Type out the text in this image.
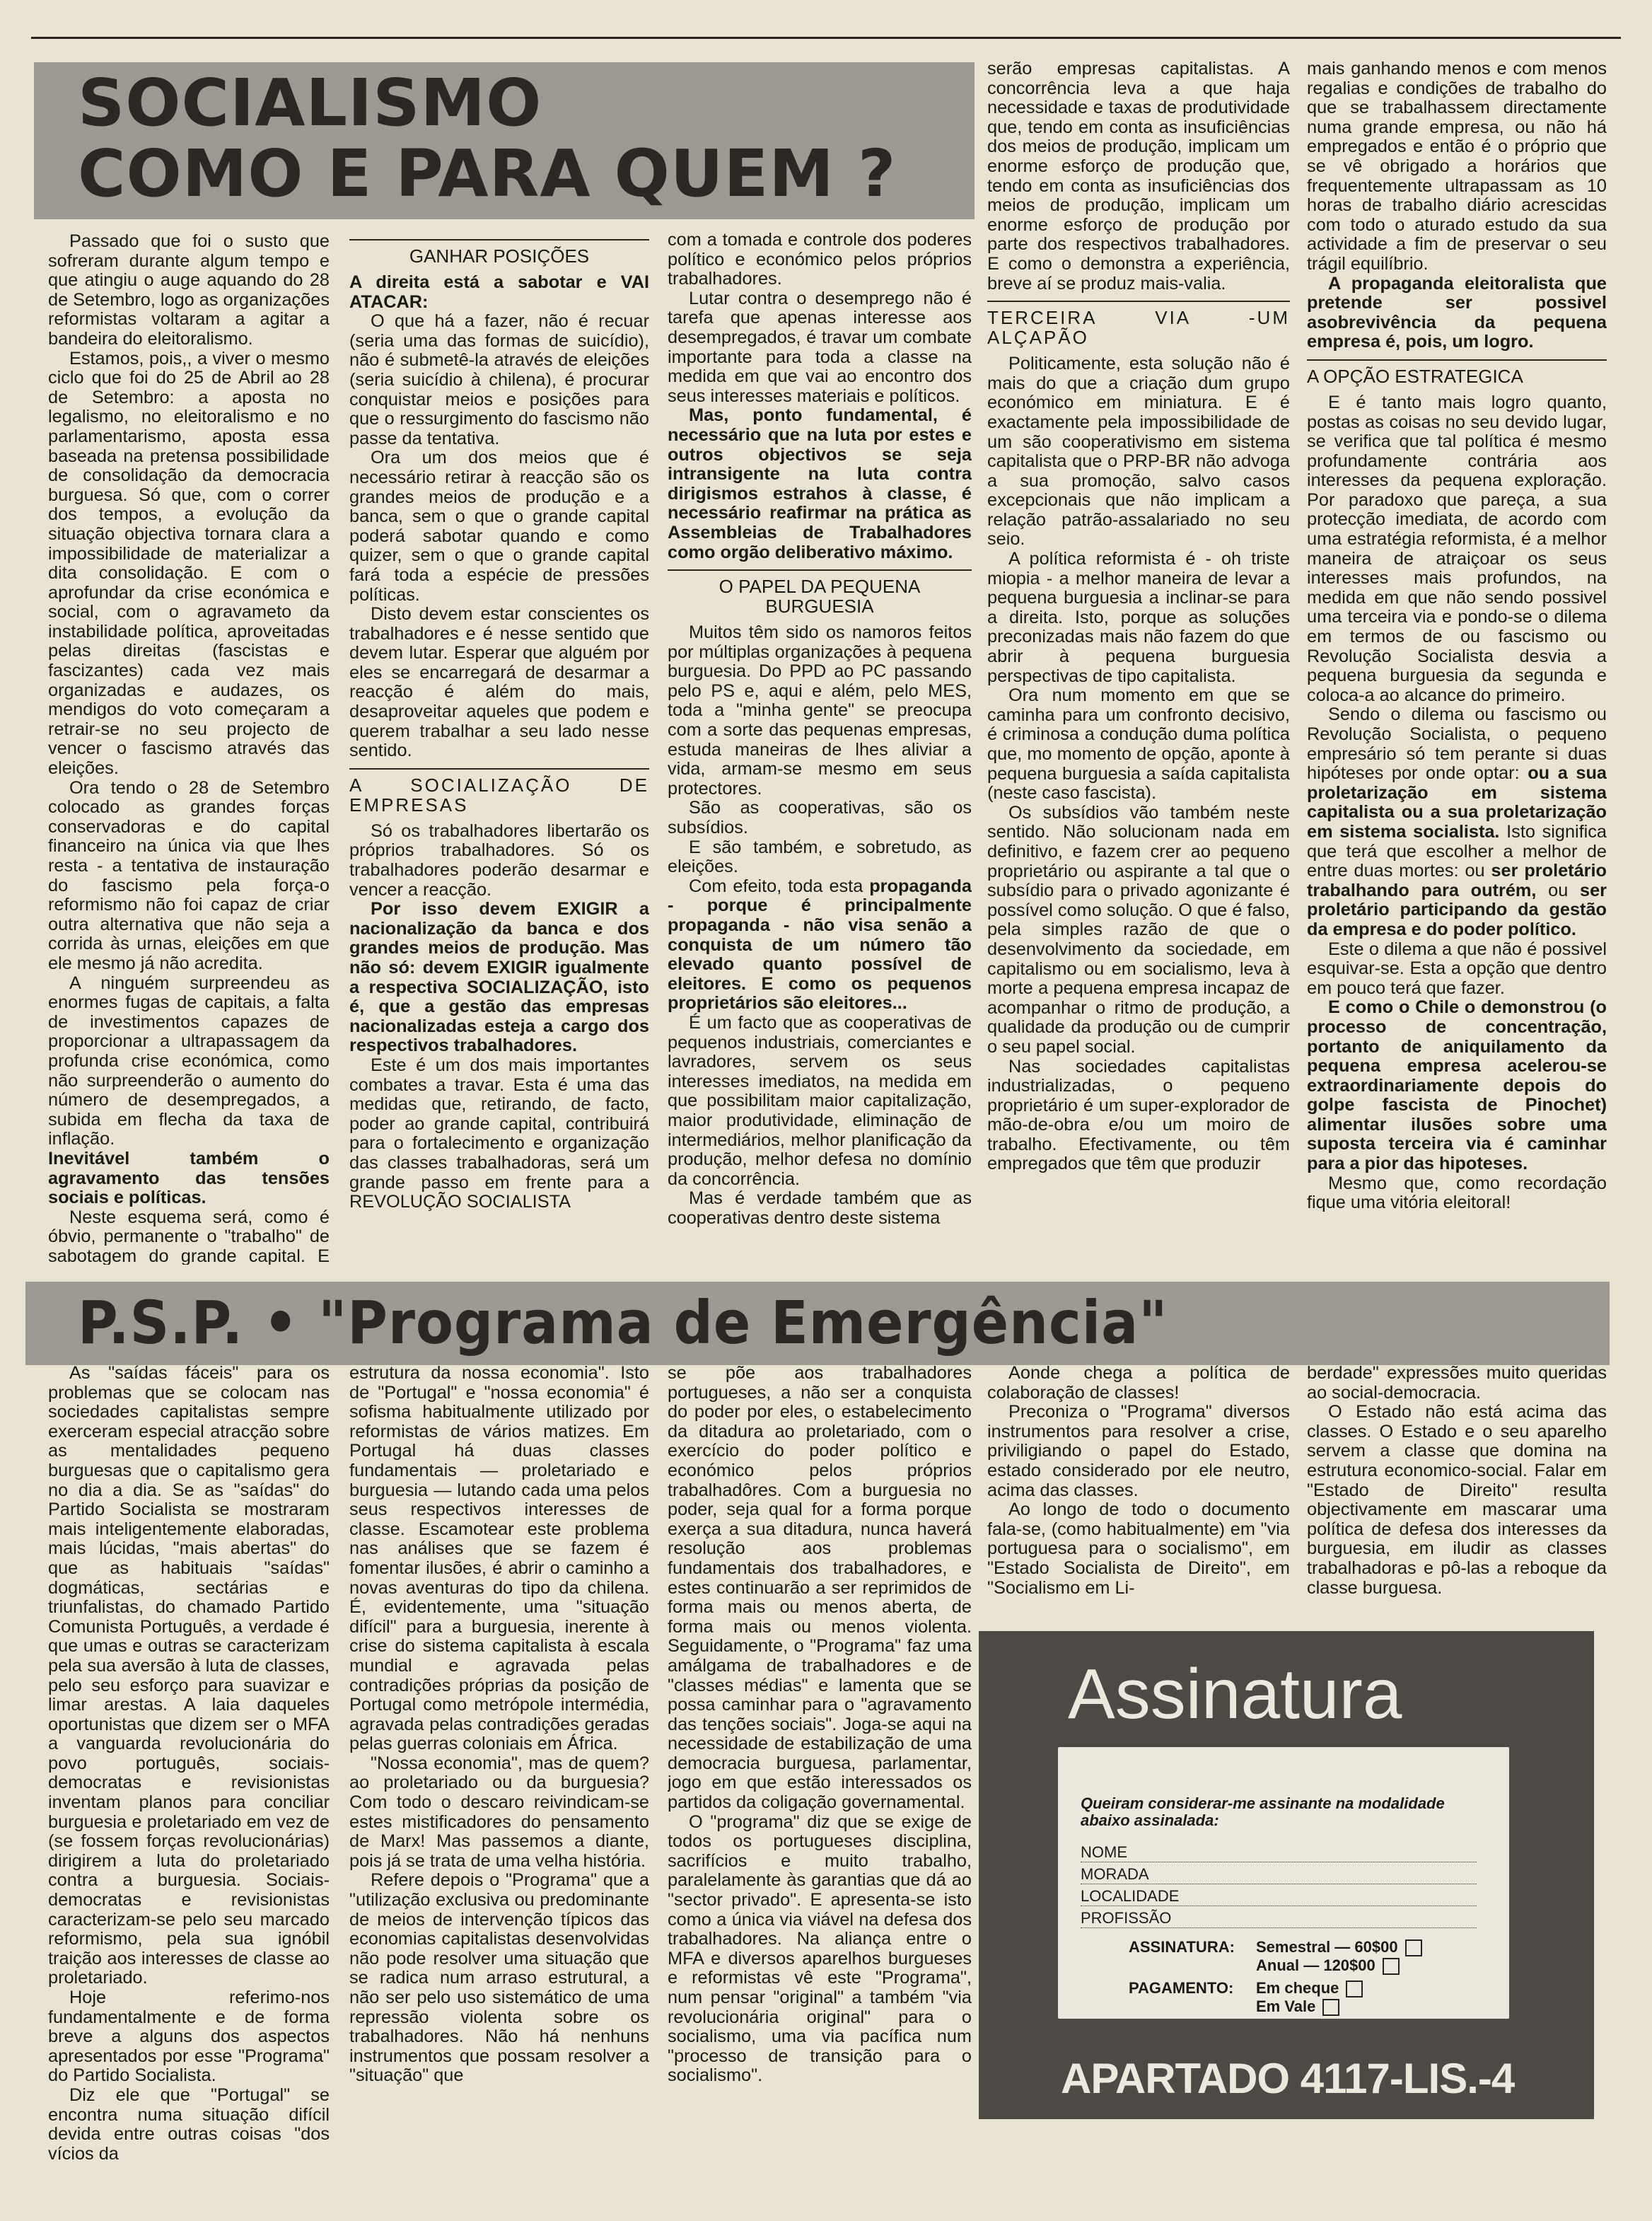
SOCIALISMO
COMO E PARA QUEM ?

Passado que foi o susto que sofreram durante algum tempo e que atingiu o auge aquando do 28 de Setembro, logo as organizações reformistas voltaram a agitar a bandeira do eleitoralismo.

Estamos, pois,, a viver o mesmo ciclo que foi do 25 de Abril ao 28 de Setembro: a aposta no legalismo, no eleitoralismo e no parlamentarismo, aposta essa baseada na pretensa possibilidade de consolidação da democracia burguesa. Só que, com o correr dos tempos, a evolução da situação objectiva tornara clara a impossibilidade de materializar a dita consolidação. E com o aprofundar da crise económica e social, com o agravameto da instabilidade política, aproveitadas pelas direitas (fascistas e fascizantes) cada vez mais organizadas e audazes, os mendigos do voto começaram a retrair-se no seu projecto de vencer o fascismo através das eleições.

Ora tendo o 28 de Setembro colocado as grandes forças conservadoras e do capital financeiro na única via que lhes resta - a tentativa de instauração do fascismo pela força-o reformismo não foi capaz de criar outra alternativa que não seja a corrida às urnas, eleições em que ele mesmo já não acredita.

A ninguém surpreendeu as enormes fugas de capitais, a falta de investimentos capazes de proporcionar a ultrapassagem da profunda crise económica, como não surpreenderão o aumento do número de desempregados, a subida em flecha da taxa de inflação.

Inevitável também o agravamento das tensões sociais e políticas.

Neste esquema será, como é óbvio, permanente o "trabalho" de sabotagem do grande capital. E

GANHAR POSIÇÕES

A direita está a sabotar e VAI ATACAR:

O que há a fazer, não é recuar (seria uma das formas de suicídio), não é submetê-la através de eleições (seria suicídio à chilena), é procurar conquistar meios e posições para que o ressurgimento do fascismo não passe da tentativa.

Ora um dos meios que é necessário retirar à reacção são os grandes meios de produção e a banca, sem o que o grande capital poderá sabotar quando e como quizer, sem o que o grande capital fará toda a espécie de pressões políticas.

Disto devem estar conscientes os trabalhadores e é nesse sentido que devem lutar. Esperar que alguém por eles se encarregará de desarmar a reacção é além do mais, desaproveitar aqueles que podem e querem trabalhar a seu lado nesse sentido.

A SOCIALIZAÇÃO DE EMPRESAS

Só os trabalhadores libertarão os próprios trabalhadores. Só os trabalhadores poderão desarmar e vencer a reacção.

Por isso devem EXIGIR a nacionalização da banca e dos grandes meios de produção. Mas não só: devem EXIGIR igualmente a respectiva SOCIALIZAÇÃO, isto é, que a gestão das empresas nacionalizadas esteja a cargo dos respectivos trabalhadores.

Este é um dos mais importantes combates a travar. Esta é uma das medidas que, retirando, de facto, poder ao grande capital, contribuirá para o fortalecimento e organização das classes trabalhadoras, será um grande passo em frente para a REVOLUÇÃO SOCIALISTA

com a tomada e controle dos poderes político e económico pelos próprios trabalhadores.

Lutar contra o desemprego não é tarefa que apenas interesse aos desempregados, é travar um combate importante para toda a classe na medida em que vai ao encontro dos seus interesses materiais e políticos.

Mas, ponto fundamental, é necessário que na luta por estes e outros objectivos se seja intransigente na luta contra dirigismos estrahos à classe, é necessário reafirmar na prática as Assembleias de Trabalhadores como orgão deliberativo máximo.

O PAPEL DA PEQUENA BURGUESIA

Muitos têm sido os namoros feitos por múltiplas organizações à pequena burguesia. Do PPD ao PC passando pelo PS e, aqui e além, pelo MES, toda a "minha gente" se preocupa com a sorte das pequenas empresas, estuda maneiras de lhes aliviar a vida, armam-se mesmo em seus protectores.

São as cooperativas, são os subsídios.

E são também, e sobretudo, as eleições.

Com efeito, toda esta propaganda - porque é principalmente propaganda - não visa senão a conquista de um número tão elevado quanto possível de eleitores. E como os pequenos proprietários são eleitores...

É um facto que as cooperativas de pequenos industriais, comerciantes e lavradores, servem os seus interesses imediatos, na medida em que possibilitam maior capitalização, maior produtividade, eliminação de intermediários, melhor planificação da produção, melhor defesa no domínio da concorrência.

Mas é verdade também que as cooperativas dentro deste sistema

serão empresas capitalistas. A concorrência leva a que haja necessidade e taxas de produtividade que, tendo em conta as insuficiências dos meios de produção, implicam um enorme esforço de produção que, tendo em conta as insuficiências dos meios de produção, implicam um enorme esforço de produção por parte dos respectivos trabalhadores. E como o demonstra a experiência, breve aí se produz mais-valia.

TERCEIRA VIA -UM ALÇAPÃO

Politicamente, esta solução não é mais do que a criação dum grupo económico em miniatura. E é exactamente pela impossibilidade de um são cooperativismo em sistema capitalista que o PRP-BR não advoga a sua promoção, salvo casos excepcionais que não implicam a relação patrão-assalariado no seu seio.

A política reformista é - oh triste miopia - a melhor maneira de levar a pequena burguesia a inclinar-se para a direita. Isto, porque as soluções preconizadas mais não fazem do que abrir à pequena burguesia perspectivas de tipo capitalista.

Ora num momento em que se caminha para um confronto decisivo, é criminosa a condução duma política que, mo momento de opção, aponte à pequena burguesia a saída capitalista (neste caso fascista).

Os subsídios vão também neste sentido. Não solucionam nada em definitivo, e fazem crer ao pequeno proprietário ou aspirante a tal que o subsídio para o privado agonizante é possível como solução. O que é falso, pela simples razão de que o desenvolvimento da sociedade, em capitalismo ou em socialismo, leva à morte a pequena empresa incapaz de acompanhar o ritmo de produção, a qualidade da produção ou de cumprir o seu papel social.

Nas sociedades capitalistas industrializadas, o pequeno proprietário é um super-explorador de mão-de-obra e/ou um moiro de trabalho. Efectivamente, ou têm empregados que têm que produzir

mais ganhando menos e com menos regalias e condições de trabalho do que se trabalhassem directamente numa grande empresa, ou não há empregados e então é o próprio que se vê obrigado a horários que frequentemente ultrapassam as 10 horas de trabalho diário acrescidas com todo o aturado estudo da sua actividade a fim de preservar o seu trágil equilíbrio.

A propaganda eleitoralista que pretende ser possivel asobrevivência da pequena empresa é, pois, um logro.

A OPÇÃO ESTRATEGICA

E é tanto mais logro quanto, postas as coisas no seu devido lugar, se verifica que tal política é mesmo profundamente contrária aos interesses da pequena exploração. Por paradoxo que pareça, a sua protecção imediata, de acordo com uma estratégia reformista, é a melhor maneira de atraiçoar os seus interesses mais profundos, na medida em que não sendo possivel uma terceira via e pondo-se o dilema em termos de ou fascismo ou Revolução Socialista desvia a pequena burguesia da segunda e coloca-a ao alcance do primeiro.

Sendo o dilema ou fascismo ou Revolução Socialista, o pequeno empresário só tem perante si duas hipóteses por onde optar: ou a sua proletarização em sistema capitalista ou a sua proletarização em sistema socialista. Isto significa que terá que escolher a melhor de entre duas mortes: ou ser proletário trabalhando para outrém, ou ser proletário participando da gestão da empresa e do poder político.

Este o dilema a que não é possivel esquivar-se. Esta a opção que dentro em pouco terá que fazer.

E como o Chile o demonstrou (o processo de concentração, portanto de aniquilamento da pequena empresa acelerou-se extraordinariamente depois do golpe fascista de Pinochet) alimentar ilusões sobre uma suposta terceira via é caminhar para a pior das hipoteses.

Mesmo que, como recordação fique uma vitória eleitoral!

P.S.P. • "Programa de Emergência"

As "saídas fáceis" para os problemas que se colocam nas sociedades capitalistas sempre exerceram especial atracção sobre as mentalidades pequeno burguesas que o capitalismo gera no dia a dia. Se as "saídas" do Partido Socialista se mostraram mais inteligentemente elaboradas, mais lúcidas, "mais abertas" do que as habituais "saídas" dogmáticas, sectárias e triunfalistas, do chamado Partido Comunista Português, a verdade é que umas e outras se caracterizam pela sua aversão à luta de classes, pelo seu esforço para suavizar e limar arestas. A laia daqueles oportunistas que dizem ser o MFA a vanguarda revolucionária do povo português, sociais-democratas e revisionistas inventam planos para conciliar burguesia e proletariado em vez de (se fossem forças revolucionárias) dirigirem a luta do proletariado contra a burguesia. Sociais-democratas e revisionistas caracterizam-se pelo seu marcado reformismo, pela sua ignóbil traição aos interesses de classe ao proletariado.

Hoje referimo-nos fundamentalmente e de forma breve a alguns dos aspectos apresentados por esse "Programa" do Partido Socialista.

Diz ele que "Portugal" se encontra numa situação difícil devida entre outras coisas "dos vícios da

estrutura da nossa economia". Isto de "Portugal" e "nossa economia" é sofisma habitualmente utilizado por reformistas de vários matizes. Em Portugal há duas classes fundamentais — proletariado e burguesia — lutando cada uma pelos seus respectivos interesses de classe. Escamotear este problema nas análises que se fazem é fomentar ilusões, é abrir o caminho a novas aventuras do tipo da chilena. É, evidentemente, uma "situação difícil" para a burguesia, inerente à crise do sistema capitalista à escala mundial e agravada pelas contradições próprias da posição de Portugal como metrópole intermédia, agravada pelas contradições geradas pelas guerras coloniais em África.

"Nossa economia", mas de quem? ao proletariado ou da burguesia? Com todo o descaro reivindicam-se estes mistificadores do pensamento de Marx! Mas passemos a diante, pois já se trata de uma velha história.

Refere depois o "Programa" que a "utilização exclusiva ou predominante de meios de intervenção típicos das economias capitalistas desenvolvidas não pode resolver uma situação que se radica num arraso estrutural, a não ser pelo uso sistemático de uma repressão violenta sobre os trabalhadores. Não há nenhuns instrumentos que possam resolver a "situação" que

se põe aos trabalhadores portugueses, a não ser a conquista do poder por eles, o estabelecimento da ditadura ao proletariado, com o exercício do poder político e económico pelos próprios trabalhadôres. Com a burguesia no poder, seja qual for a forma porque exerça a sua ditadura, nunca haverá resolução aos problemas fundamentais dos trabalhadores, e estes continuarão a ser reprimidos de forma mais ou menos aberta, de forma mais ou menos violenta. Seguidamente, o "Programa" faz uma amálgama de trabalhadores e de "classes médias" e lamenta que se possa caminhar para o "agravamento das tenções sociais". Joga-se aqui na necessidade de estabilização de uma democracia burguesa, parlamentar, jogo em que estão interessados os partidos da coligação governamental.

O "programa" diz que se exige de todos os portugueses disciplina, sacrifícios e muito trabalho, paralelamente às garantias que dá ao "sector privado". E apresenta-se isto como a única via viável na defesa dos trabalhadores. Na aliança entre o MFA e diversos aparelhos burgueses e reformistas vê este "Programa", num pensar "original" a também "via revolucionária original" para o socialismo, uma via pacífica num "processo de transição para o socialismo".

Aonde chega a política de colaboração de classes!

Preconiza o "Programa" diversos instrumentos para resolver a crise, priviligiando o papel do Estado, estado considerado por ele neutro, acima das classes.

Ao longo de todo o documento fala-se, (como habitualmente) em "via portuguesa para o socialismo", em "Estado Socialista de Direito", em "Socialismo em Li-

berdade" expressões muito queridas ao social-democracia.

O Estado não está acima das classes. O Estado e o seu aparelho servem a classe que domina na estrutura economico-social. Falar em "Estado de Direito" resulta objectivamente em mascarar uma política de defesa dos interesses da burguesia, em iludir as classes trabalhadoras e pô-las a reboque da classe burguesa.

Assinatura
Queiram considerar-me assinante na modalidade abaixo assinalada:
NOME
MORADA
LOCALIDADE
PROFISSÃO
ASSINATURA: Semestral — 60$00
Anual — 120$00
PAGAMENTO: Em cheque
Em Vale
APARTADO 4117-LIS.-4
